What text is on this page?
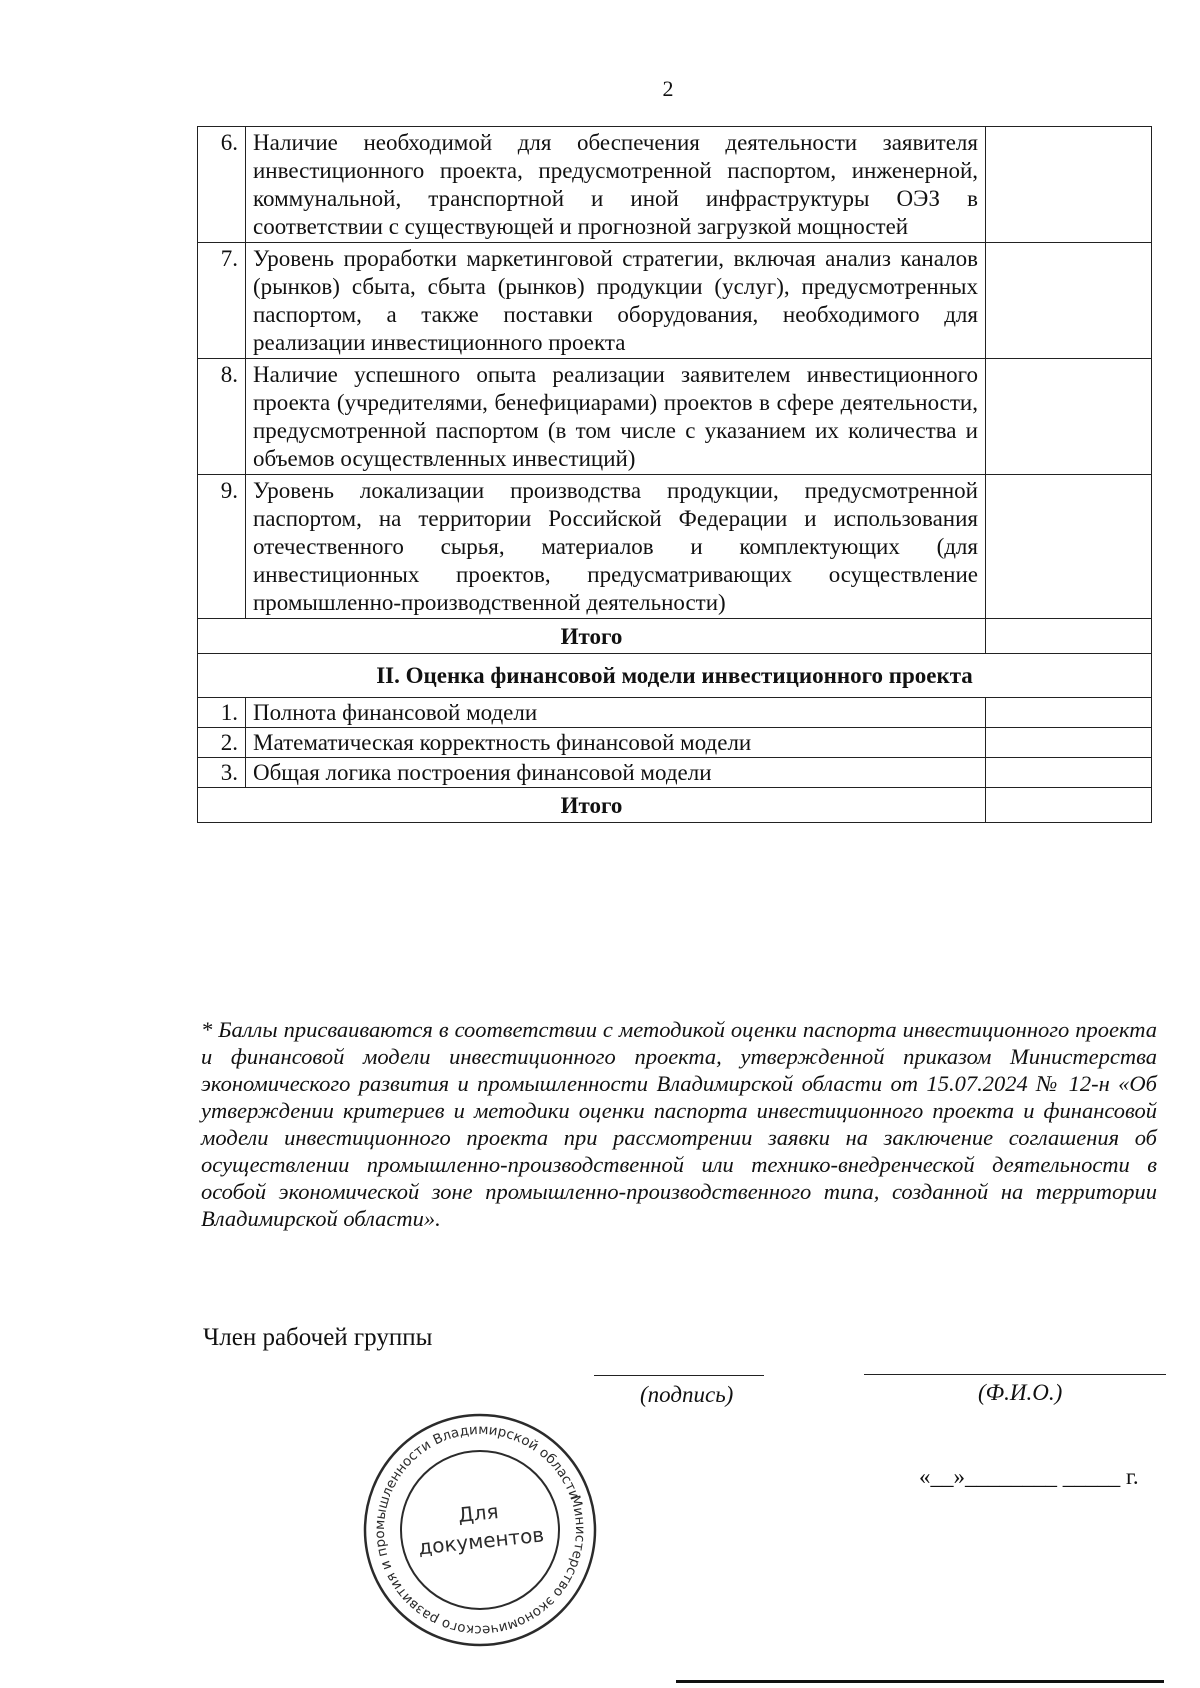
2
6.	Наличие необходимой для обеспечения деятельности заявителя инвестиционного проекта, предусмотренной паспортом, инженерной, коммунальной, транспортной и иной инфраструктуры ОЭЗ в соответствии с существующей и прогнозной загрузкой мощностей	
7.	Уровень проработки маркетинговой стратегии, включая анализ каналов (рынков) сбыта, сбыта (рынков) продукции (услуг), предусмотренных паспортом, а также поставки оборудования, необходимого для реализации инвестиционного проекта	
8.	Наличие успешного опыта реализации заявителем инвестиционного проекта (учредителями, бенефициарами) проектов в сфере деятельности, предусмотренной паспортом (в том числе с указанием их количества и объемов осуществленных инвестиций)	
9.	Уровень локализации производства продукции, предусмотренной паспортом, на территории Российской Федерации и использования отечественного сырья, материалов и комплектующих (для инвестиционных проектов, предусматривающих осуществление промышленно-производственной деятельности)	
Итого		
II. Оценка финансовой модели инвестиционного проекта		
1.	Полнота финансовой модели	
2.	Математическая корректность финансовой модели	
3.	Общая логика построения финансовой модели	
Итого		
* Баллы присваиваются в соответствии с методикой оценки паспорта инвестиционного проекта и финансовой модели инвестиционного проекта, утвержденной приказом Министерства экономического развития и промышленности Владимирской области от 15.07.2024 № 12-н «Об утверждении критериев и методики оценки паспорта инвестиционного проекта и финансовой модели инвестиционного проекта при рассмотрении заявки на заключение соглашения об осуществлении промышленно-производственной или технико-внедренческой деятельности в особой экономической зоне промышленно-производственного типа, созданной на территории Владимирской области».
Член рабочей группы
(подпись)	(Ф.И.О.)
«__»________ _____ г.
Министерство экономического развития и промышленности Владимирской области
Для
документов
